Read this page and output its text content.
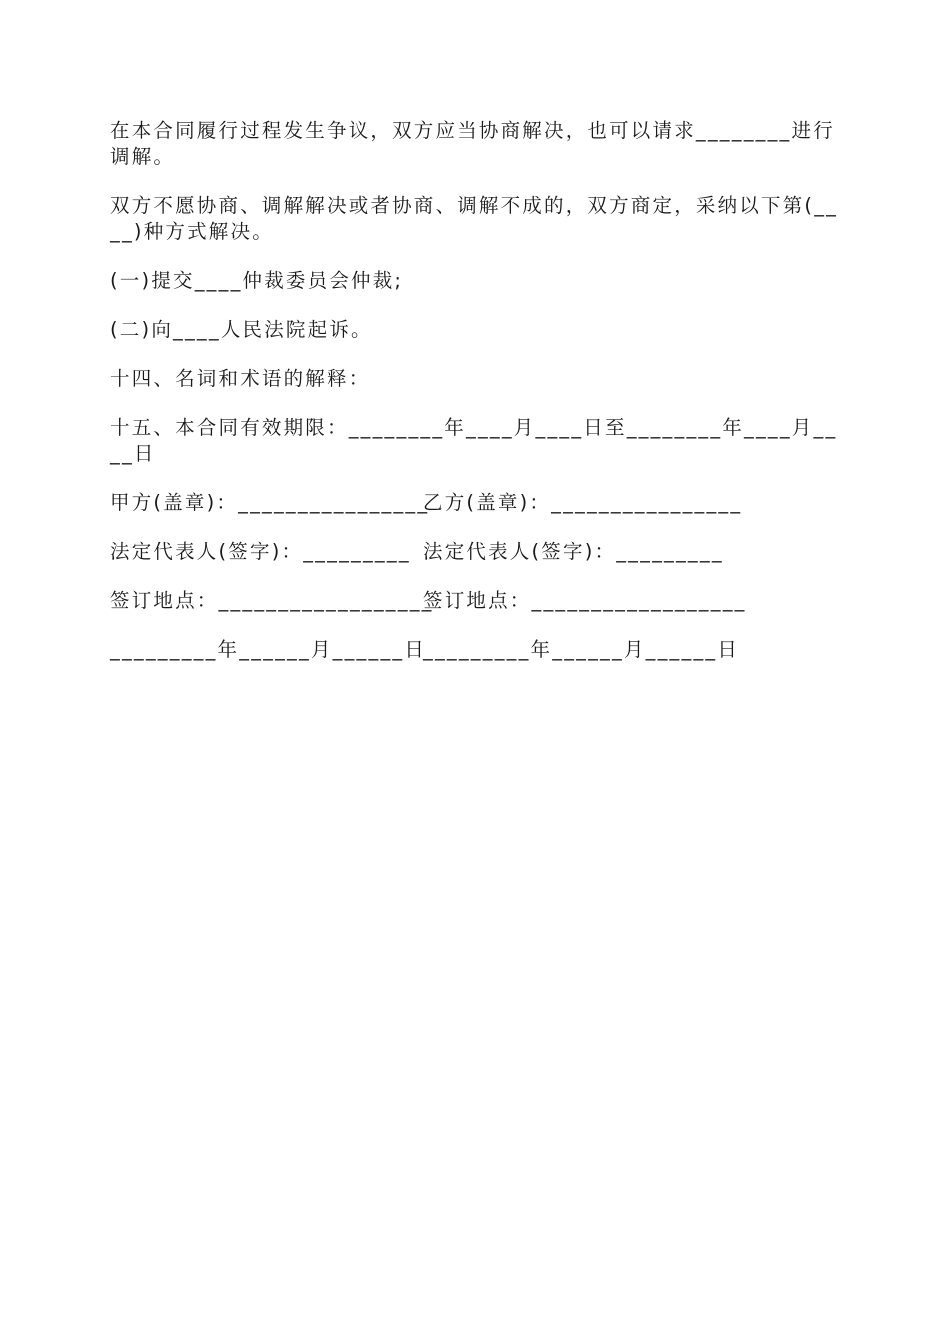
在本合同履行过程发生争议，双方应当协商解决，也可以请求________进行调解。

双方不愿协商、调解解决或者协商、调解不成的，双方商定，采纳以下第(____)种方式解决。

(一)提交____仲裁委员会仲裁;

(二)向____人民法院起诉。

十四、名词和术语的解释：

十五、本合同有效期限：________年____月____日至________年____月____日

甲方(盖章)：________________
乙方(盖章)：________________
法定代表人(签字)：_________ 法定代表人(签字)：_________
签订地点：__________________
签订地点：__________________
_________年______月______日
_________年______月______日
